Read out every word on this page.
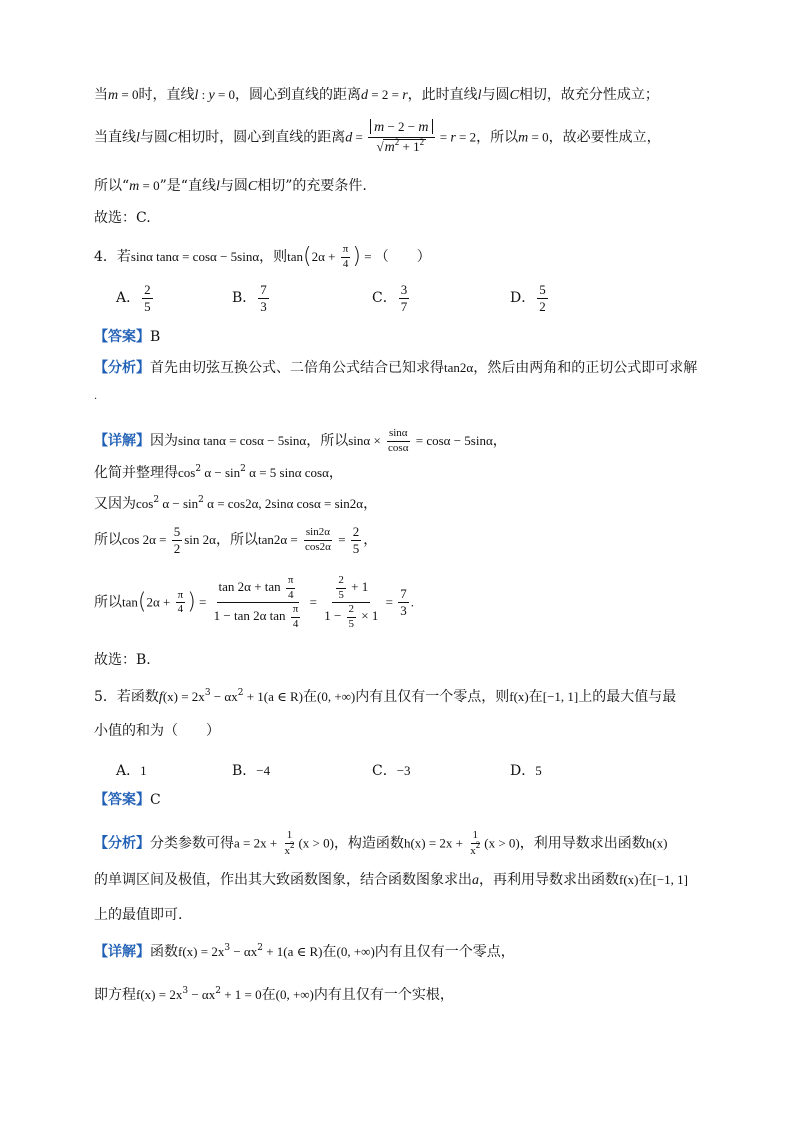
当m = 0时，直线l : y = 0，圆心到直线的距离d = 2 = r，此时直线l与圆C相切，故充分性成立；
当直线l与圆C相切时，圆心到直线的距离$d = \frac{m - 2 - m}{√m^2 + 1^2} = r = 2$，所以m = 0，故必要性成立，
所以“m = 0”是“直线l与圆C相切”的充要条件.
故选：C.
4．若sinα tanα = cosα − 5sinα，则$\tan(2\alpha + \frac{\pi}{4}$ ) = （　　）
A． $\frac{2}{5}$	B． $\frac{7}{3}$	C． $\frac{3}{7}$	D． $\frac{5}{2}$
【答案】B
【分析】首先由切弦互换公式、二倍角公式结合已知求得tan2α，然后由两角和的正切公式即可求解
.
【详解】因为sinα tanα = cosα − 5sinα，所以$\sin\alpha \times \frac{\sin\alpha}{\cos\alpha} = \cos\alpha - 5\sin\alpha$，
化简并整理得$\cos^2 \alpha - \sin^2 \alpha = 5$ sinα cosα，
又因为$\cos^2 \alpha - \sin^2 \alpha = \cos 2\alpha$, 2sinα cosα = sin2α，
所以$\cos 2\alpha = \frac{5}{2}$ sin 2α，所以$\tan 2\alpha = \frac{\sin 2\alpha}{\cos 2\alpha} = \frac{2}{5}$ ，
所以$\tan(2\alpha + \frac{\pi}{4}$ ) = $\frac{\tan 2\alpha + \tan \frac{\pi}{4}}{1 - \tan 2\alpha \tan \frac{\pi}{4}} = \frac{\frac{2}{5} + 1}{1 - \frac{2}{5} \times 1} = \frac{7}{3}$ .
故选：B.
5．若函数$f(x) = 2x^3 - \alpha x^2 + 1(a$ ∈ R)在(0, +∞)内有且仅有一个零点，则f(x)在[−1, 1]上的最大值与最
小值的和为（　　）
A．1	B．−4	C．−3	D．5
【答案】C
【分析】分类参数可得$a = 2x + \frac{1}{x^2} (x > 0)$，构造函数$h(x) = 2x + \frac{1}{x^2} (x > 0)$，利用导数求出函数h(x)
的单调区间及极值，作出其大致函数图象，结合函数图象求出a，再利用导数求出函数f(x)在[−1, 1]
上的最值即可.
【详解】函数$f(x) = 2x^3 - \alpha x^2 + 1(a$ ∈ R)在(0, +∞)内有且仅有一个零点，
即方程$f(x) = 2x^3 - \alpha x^2 + 1 = 0$在(0, +∞)内有且仅有一个实根，
